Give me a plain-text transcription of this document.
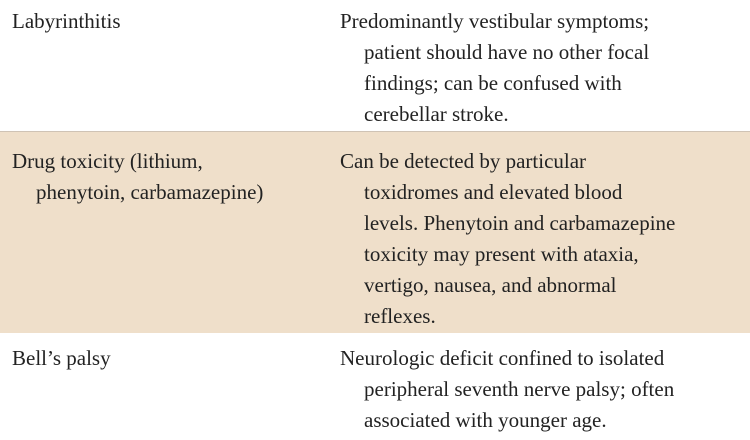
Labyrinthitis	Predominantly vestibular symptoms;
patient should have no other focal
findings; can be confused with
cerebellar stroke.
Drug toxicity (lithium,
phenytoin, carbamazepine)
Can be detected by particular
toxidromes and elevated blood
levels. Phenytoin and carbamazepine
toxicity may present with ataxia,
vertigo, nausea, and abnormal
reflexes.
Bell’s palsy	Neurologic deficit confined to isolated
peripheral seventh nerve palsy; often
associated with younger age.
